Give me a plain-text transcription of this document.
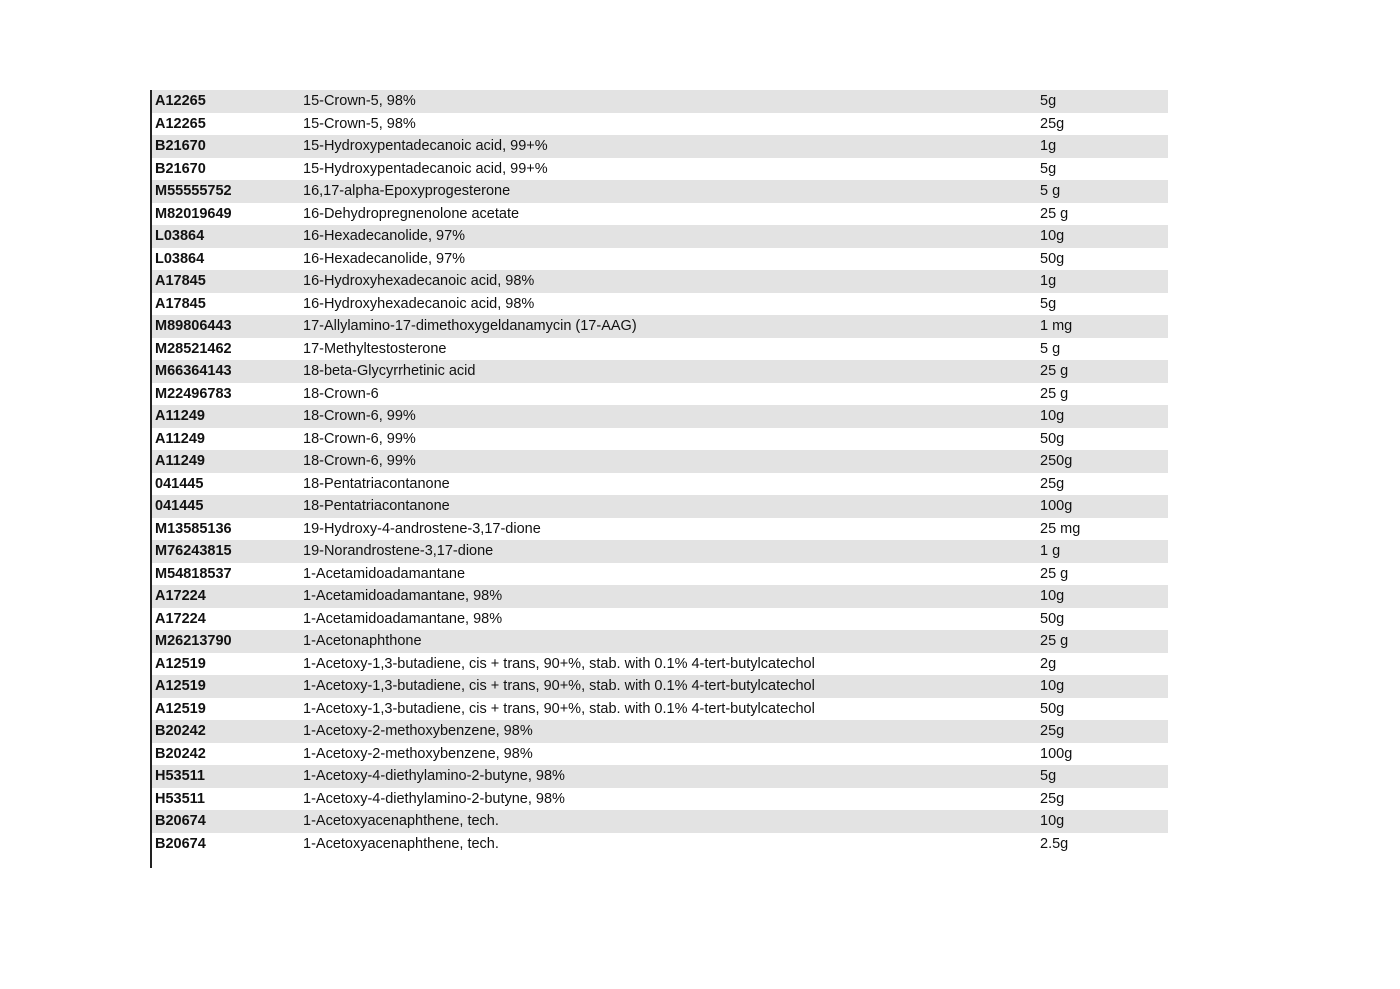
A12265	15-Crown-5, 98%	5g
A12265	15-Crown-5, 98%	25g
B21670	15-Hydroxypentadecanoic acid, 99+%	1g
B21670	15-Hydroxypentadecanoic acid, 99+%	5g
M55555752	16,17-alpha-Epoxyprogesterone	5 g
M82019649	16-Dehydropregnenolone acetate	25 g
L03864	16-Hexadecanolide, 97%	10g
L03864	16-Hexadecanolide, 97%	50g
A17845	16-Hydroxyhexadecanoic acid, 98%	1g
A17845	16-Hydroxyhexadecanoic acid, 98%	5g
M89806443	17-Allylamino-17-dimethoxygeldanamycin (17-AAG)	1 mg
M28521462	17-Methyltestosterone	5 g
M66364143	18-beta-Glycyrrhetinic acid	25 g
M22496783	18-Crown-6	25 g
A11249	18-Crown-6, 99%	10g
A11249	18-Crown-6, 99%	50g
A11249	18-Crown-6, 99%	250g
041445	18-Pentatriacontanone	25g
041445	18-Pentatriacontanone	100g
M13585136	19-Hydroxy-4-androstene-3,17-dione	25 mg
M76243815	19-Norandrostene-3,17-dione	1 g
M54818537	1-Acetamidoadamantane	25 g
A17224	1-Acetamidoadamantane, 98%	10g
A17224	1-Acetamidoadamantane, 98%	50g
M26213790	1-Acetonaphthone	25 g
A12519	1-Acetoxy-1,3-butadiene, cis + trans, 90+%, stab. with 0.1% 4-tert-butylcatechol	2g
A12519	1-Acetoxy-1,3-butadiene, cis + trans, 90+%, stab. with 0.1% 4-tert-butylcatechol	10g
A12519	1-Acetoxy-1,3-butadiene, cis + trans, 90+%, stab. with 0.1% 4-tert-butylcatechol	50g
B20242	1-Acetoxy-2-methoxybenzene, 98%	25g
B20242	1-Acetoxy-2-methoxybenzene, 98%	100g
H53511	1-Acetoxy-4-diethylamino-2-butyne, 98%	5g
H53511	1-Acetoxy-4-diethylamino-2-butyne, 98%	25g
B20674	1-Acetoxyacenaphthene, tech.	10g
B20674	1-Acetoxyacenaphthene, tech.	2.5g
